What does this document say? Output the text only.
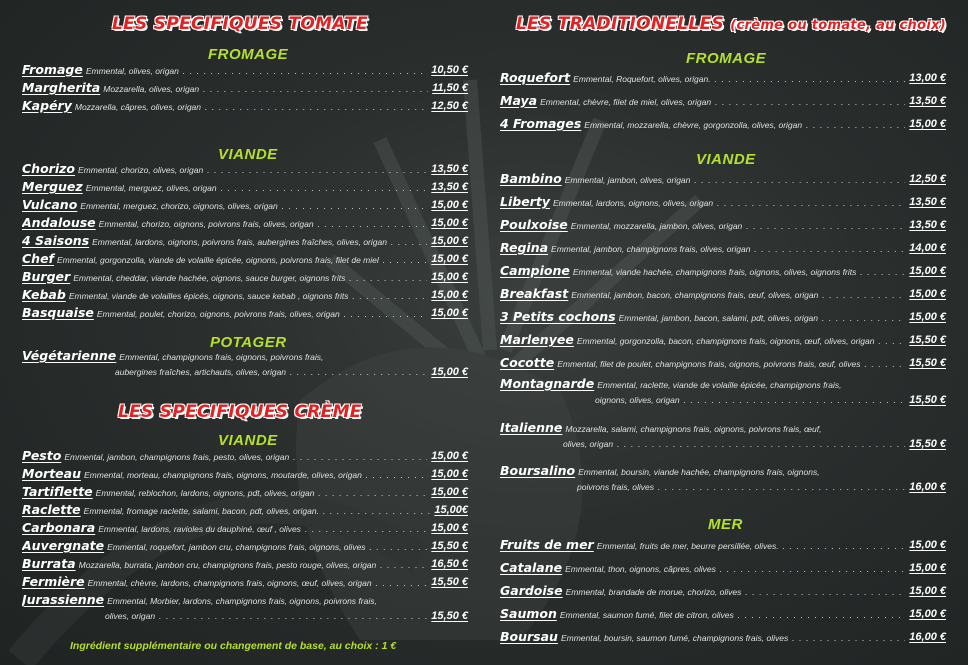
LES SPECIFIQUES TOMATE
FROMAGE
Fromage Emmental, olives, origan . . .	10,50 €
Margherita Mozzarella, olives, origan . . .	11,50 €
Kapéry Mozzarella, câpres, olives, origan . . .	12,50 €
VIANDE
Chorizo Emmental, chorizo, olives, origan . . .	13,50 €
Merguez Emmental, merguez, olives, origan . . .	13,50 €
Vulcano Emmental, merguez, chorizo, oignons, olives, origan . . .	15,00 €
Andalouse Emmental, chorizo, oignons, poivrons frais, olives, origan . . .	15,00 €
4 Saisons Emmental, lardons, oignons, poivrons frais, aubergines fraîches, olives, origan . . .	15,00 €
Chef Emmental, gorgonzolla, viande de volaille épicée, oignons, poivrons frais, filet de miel . . .	15,00 €
Burger Emmental, cheddar, viande hachée, oignons, sauce burger, oignons frits . . .	15,00 €
Kebab Emmental, viande de volailles épicés, oignons, sauce kebab , oignons frits . . .	15,00 €
Basquaise Emmental, poulet, chorizo, oignons, poivrons frais, olives, origan . . .	15,00 €
POTAGER
Végétarienne Emmental, champignons frais, oignons, poivrons frais,
aubergines fraîches, artichauts, olives, origan . . .	15,00 €
LES SPECIFIQUES CRÈME
VIANDE
Pesto Emmental, jambon, champignons frais, pesto, olives, origan . . .	15,00 €
Morteau Emmental, morteau, champignons frais, oignons, moutarde, olives, origan . . .	15,00 €
Tartiflette Emmental, reblochon, lardons, oignons, pdt, olives, origan . . .	15,00 €
Raclette Emmental, fromage raclette, salami, bacon, pdt, olives, origan. . . .	15,00€
Carbonara Emmental, lardons, ravioles du dauphiné, œuf , olives . . .	15,00 €
Auvergnate Emmental, roquefort, jambon cru, champignons frais, oignons, olives . . .	15,50 €
Burrata Mozzarella, burrata, jambon cru, champignons frais, pesto rouge, olives, origan . . .	16,50 €
Fermière Emmental, chèvre, lardons, champignons frais, oignons, œuf, olives, origan . . .	15,50 €
Jurassienne Emmental, Morbier, lardons, champignons frais, oignons, poivrons frais,
olives, origan . . .	15,50 €
LES TRADITIONELLES (crème ou tomate, au choix)
FROMAGE
Roquefort Emmental, Roquefort, olives, origan. . . .	13,00 €
Maya Emmental, chèvre, filet de miel, olives, origan . . .	13,50 €
4 Fromages Emmental, mozzarella, chèvre, gorgonzolla, olives, origan . . .	15,00 €
VIANDE
Bambino Emmental, jambon, olives, origan . . .	12,50 €
Liberty Emmental, lardons, oignons, olives, origan . . .	13,50 €
Poulxoise Emmental, mozzarella, jambon, olives, origan . . .	13,50 €
Regina Emmental, jambon, champignons frais, olives, origan . . .	14,00 €
Campione Emmental, viande hachée, champignons frais, oignons, olives, oignons frits . . .	15,00 €
Breakfast Emmental, jambon, bacon, champignons frais, œuf, olives, origan . . .	15,00 €
3 Petits cochons Emmental, jambon, bacon, salami, pdt, olives, origan . . .	15,00 €
Marlenyee Emmental, gorgonzolla, bacon, champignons frais, oignons, œuf, olives, origan . . .	15,50 €
Cocotte Emmental, filet de poulet, champignons frais, oignons, poivrons frais, œuf, olives . . .	15,50 €
Montagnarde Emmental, raclette, viande de volaille épicée, champignons frais,
oignons, olives, origan . . .	15,50 €
Italienne Mozzarella, salami, champignons frais, oignons, poivrons frais, œuf,
olives, origan . . .	15,50 €
Boursalino Emmental, boursin, viande hachée, champignons frais, oignons,
poivrons frais, olives . . .	16,00 €
MER
Fruits de mer Emmental, fruits de mer, beurre persillée, olives. . . .	15,00 €
Catalane Emmental, thon, oignons, câpres, olives . . .	15,00 €
Gardoise Emmental, brandade de morue, chorizo, olives . . .	15,00 €
Saumon Emmental, saumon fumé, filet de citron, olives . . .	15,00 €
Boursau Emmental, boursin, saumon fumé, champignons frais, olives . . .	16,00 €
Ingrédient supplémentaire ou changement de base, au choix : 1 €
